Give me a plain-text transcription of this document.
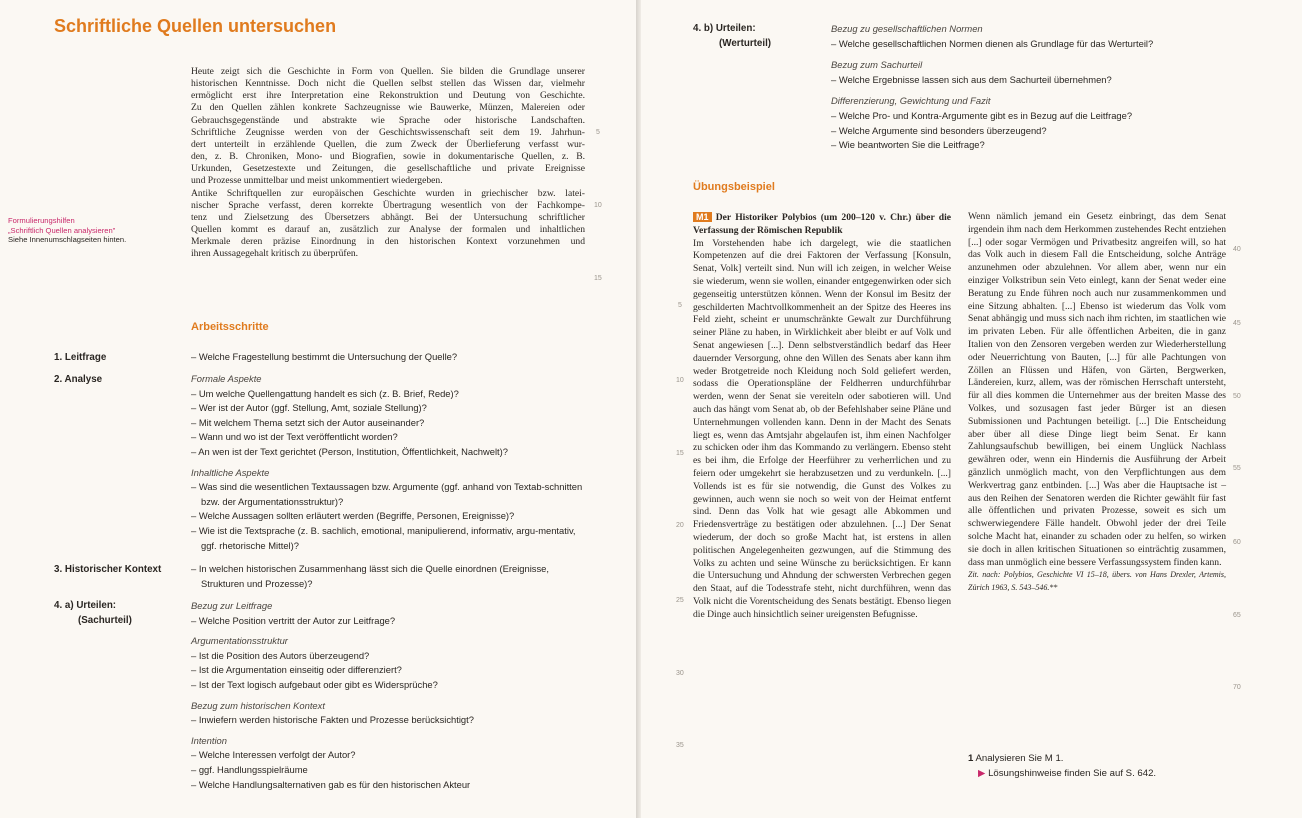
Schriftliche Quellen untersuchen
Heute zeigt sich die Geschichte in Form von Quellen. Sie bilden die Grundlage unserer
historischen Kenntnisse. Doch nicht die Quellen selbst stellen das Wissen dar, vielmehr
ermöglicht erst ihre Interpretation eine Rekonstruktion und Deutung von Geschichte.
Zu den Quellen zählen konkrete Sachzeugnisse wie Bauwerke, Münzen, Malereien oder
Gebrauchsgegenstände und abstrakte wie Sprache oder historische Landschaften.
Schriftliche Zeugnisse werden von der Geschichtswissenschaft seit dem 19. Jahrhun-
dert unterteilt in erzählende Quellen, die zum Zweck der Überlieferung verfasst wur-
den, z. B. Chroniken, Mono- und Biografien, sowie in dokumentarische Quellen, z. B.
Urkunden, Gesetzestexte und Zeitungen, die gesellschaftliche und private Ereignisse
und Prozesse unmittelbar und meist unkommentiert wiedergeben.
Antike Schriftquellen zur europäischen Geschichte wurden in griechischer bzw. latei-
nischer Sprache verfasst, deren korrekte Übertragung wesentlich von der Fachkompe-
tenz und Zielsetzung des Übersetzers abhängt. Bei der Untersuchung schriftlicher
Quellen kommt es darauf an, zusätzlich zur Analyse der formalen und inhaltlichen
Merkmale deren präzise Einordnung in den historischen Kontext vorzunehmen und
ihren Aussagegehalt kritisch zu überprüfen.
5
10
15
Formulierungshilfen
„Schriftlich Quellen analysieren"
Siehe Innenumschlagseiten hinten.
Arbeitsschritte
1. Leitfrage
2. Analyse
3. Historischer Kontext
4. a) Urteilen:
(Sachurteil)
– Welche Fragestellung bestimmt die Untersuchung der Quelle?
Formale Aspekte
– Um welche Quellengattung handelt es sich (z. B. Brief, Rede)?
– Wer ist der Autor (ggf. Stellung, Amt, soziale Stellung)?
– Mit welchem Thema setzt sich der Autor auseinander?
– Wann und wo ist der Text veröffentlicht worden?
– An wen ist der Text gerichtet (Person, Institution, Öffentlichkeit, Nachwelt)?
Inhaltliche Aspekte
– Was sind die wesentlichen Textaussagen bzw. Argumente (ggf. anhand von Textab-schnitten bzw. der Argumentationsstruktur)?
– Welche Aussagen sollten erläutert werden (Begriffe, Personen, Ereignisse)?
– Wie ist die Textsprache (z. B. sachlich, emotional, manipulierend, informativ, argu-mentativ, ggf. rhetorische Mittel)?
– In welchen historischen Zusammenhang lässt sich die Quelle einordnen (Ereignisse, Strukturen und Prozesse)?
Bezug zur Leitfrage
– Welche Position vertritt der Autor zur Leitfrage?
Argumentationsstruktur
– Ist die Position des Autors überzeugend?
– Ist die Argumentation einseitig oder differenziert?
– Ist der Text logisch aufgebaut oder gibt es Widersprüche?
Bezug zum historischen Kontext
– Inwiefern werden historische Fakten und Prozesse berücksichtigt?
Intention
– Welche Interessen verfolgt der Autor?
– ggf. Handlungsspielräume
– Welche Handlungsalternativen gab es für den historischen Akteur
4. b) Urteilen:
(Werturteil)
Bezug zu gesellschaftlichen Normen
– Welche gesellschaftlichen Normen dienen als Grundlage für das Werturteil?
Bezug zum Sachurteil
– Welche Ergebnisse lassen sich aus dem Sachurteil übernehmen?
Differenzierung, Gewichtung und Fazit
– Welche Pro- und Kontra-Argumente gibt es in Bezug auf die Leitfrage?
– Welche Argumente sind besonders überzeugend?
– Wie beantworten Sie die Leitfrage?
Übungsbeispiel
M1 Der Historiker Polybios (um 200–120 v. Chr.) über die Verfassung der Römischen Republik
Im Vorstehenden habe ich dargelegt, wie die staatlichen Kompetenzen auf die drei Faktoren der Verfassung [Konsuln, Senat, Volk] verteilt sind. Nun will ich zeigen, in welcher Weise sie wiederum, wenn sie wollen, einander entgegenwirken oder sich gegenseitig unterstützen können. Wenn der Konsul im Besitz der geschilderten Machtvollkommenheit an der Spitze des Heeres ins Feld zieht, scheint er unumschränkte Gewalt zur Durchführung seiner Pläne zu haben, in Wirklichkeit aber bleibt er auf Volk und Senat angewiesen [...]. Denn selbstverständlich bedarf das Heer dauernder Versorgung, ohne den Willen des Senats aber kann ihm weder Brotgetreide noch Kleidung noch Sold geliefert werden, sodass die Operationspläne der Feldherren undurchführbar werden, wenn der Senat sie vereiteln oder sabotieren will. Und auch das hängt vom Senat ab, ob der Befehlshaber seine Pläne und Unternehmungen vollenden kann. Denn in der Macht des Senats liegt es, wenn das Amtsjahr abgelaufen ist, ihm einen Nachfolger zu schicken oder ihm das Kommando zu verlängern. Ebenso steht es bei ihm, die Erfolge der Heerführer zu verherrlichen und zu feiern oder umgekehrt sie herabzusetzen und zu verdunkeln. [...] Vollends ist es für sie notwendig, die Gunst des Volkes zu gewinnen, auch wenn sie noch so weit von der Heimat entfernt sind. Denn das Volk hat wie gesagt alle Abkommen und Friedensverträge zu bestätigen oder abzulehnen. [...] Der Senat wiederum, der doch so große Macht hat, ist erstens in allen politischen Angelegenheiten gezwungen, auf die Stimmung des Volks zu achten und seine Wünsche zu berücksichtigen. Er kann die Untersuchung und Ahndung der schwersten Verbrechen gegen den Staat, auf die Todesstrafe steht, nicht durchführen, wenn das Volk nicht die Vorentscheidung des Senats bestätigt. Ebenso liegen die Dinge auch hinsichtlich seiner ureigensten Befugnisse.
5
10
15
20
25
30
35
Wenn nämlich jemand ein Gesetz einbringt, das dem Senat irgendein ihm nach dem Herkommen zustehendes Recht entziehen [...] oder sogar Vermögen und Privatbesitz angreifen will, so hat das Volk auch in diesem Fall die Entscheidung, solche Anträge anzunehmen oder abzulehnen. Vor allem aber, wenn nur ein einziger Volkstribun sein Veto einlegt, kann der Senat weder eine Beratung zu Ende führen noch auch nur zusammenkommen und eine Sitzung abhalten. [...] Ebenso ist wiederum das Volk vom Senat abhängig und muss sich nach ihm richten, im staatlichen wie im privaten Leben. Für alle öffentlichen Arbeiten, die in ganz Italien von den Zensoren vergeben werden zur Wiederherstellung oder Neuerrichtung von Bauten, [...] für alle Pachtungen von Zöllen an Flüssen und Häfen, von Gärten, Bergwerken, Ländereien, kurz, allem, was der römischen Herrschaft untersteht, für all dies kommen die Unternehmer aus der breiten Masse des Volkes, und sozusagen fast jeder Bürger ist an diesen Submissionen und Pachtungen beteiligt. [...] Die Entscheidung aber über all diese Dinge liegt beim Senat. Er kann Zahlungsaufschub bewilligen, bei einem Unglück Nachlass gewähren oder, wenn ein Hindernis die Ausführung der Arbeit gänzlich unmöglich macht, von den Verpflichtungen aus dem Werkvertrag ganz entbinden. [...] Was aber die Hauptsache ist – aus den Reihen der Senatoren werden die Richter gewählt für fast alle öffentlichen und privaten Prozesse, soweit es sich um schwerwiegendere Fälle handelt. Obwohl jeder der drei Teile solche Macht hat, einander zu schaden oder zu helfen, so wirken sie doch in allen kritischen Situationen so einträchtig zusammen, dass man unmöglich eine bessere Verfassungssystem finden kann.
Zit. nach: Polybios, Geschichte VI 15–18, übers. von Hans Drexler, Artemis, Zürich 1963, S. 543–546.**
40
45
50
55
60
65
70
1 Analysieren Sie M 1.
▶ Lösungshinweise finden Sie auf S. 642.
